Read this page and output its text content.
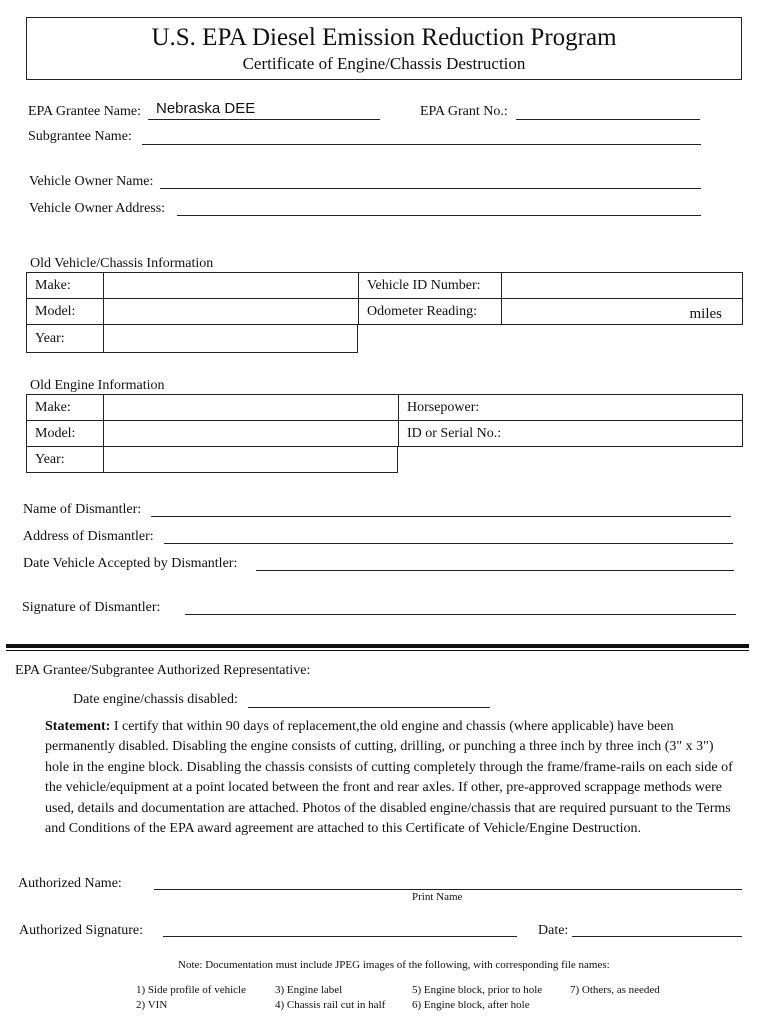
U.S. EPA Diesel Emission Reduction Program
Certificate of Engine/Chassis Destruction
EPA Grantee Name: Nebraska DEE	EPA Grant No.:
Subgrantee Name:
Vehicle Owner Name:
Vehicle Owner Address:
Old Vehicle/Chassis Information
Make:		Vehicle ID Number:	
Model:		Odometer Reading:	miles
Year:	
Old Engine Information
Make:		Horsepower:
Model:		ID or Serial No.:
Year:	
Name of Dismantler:
Address of Dismantler:
Date Vehicle Accepted by Dismantler:
Signature of Dismantler:
EPA Grantee/Subgrantee Authorized Representative:
Date engine/chassis disabled:
Statement: I certify that within 90 days of replacement,the old engine and chassis (where applicable) have been permanently disabled. Disabling the engine consists of cutting, drilling, or punching a three inch by three inch (3" x 3") hole in the engine block. Disabling the chassis consists of cutting completely through the frame/frame-rails on each side of the vehicle/equipment at a point located between the front and rear axles. If other, pre-approved scrappage methods were used, details and documentation are attached. Photos of the disabled engine/chassis that are required pursuant to the Terms and Conditions of the EPA award agreement are attached to this Certificate of Vehicle/Engine Destruction.
Authorized Name:
Print Name
Authorized Signature:	Date:
Note: Documentation must include JPEG images of the following, with corresponding file names:
1) Side profile of vehicle
2) VIN
3) Engine label
4) Chassis rail cut in half
5) Engine block, prior to hole
6) Engine block, after hole
7) Others, as needed
